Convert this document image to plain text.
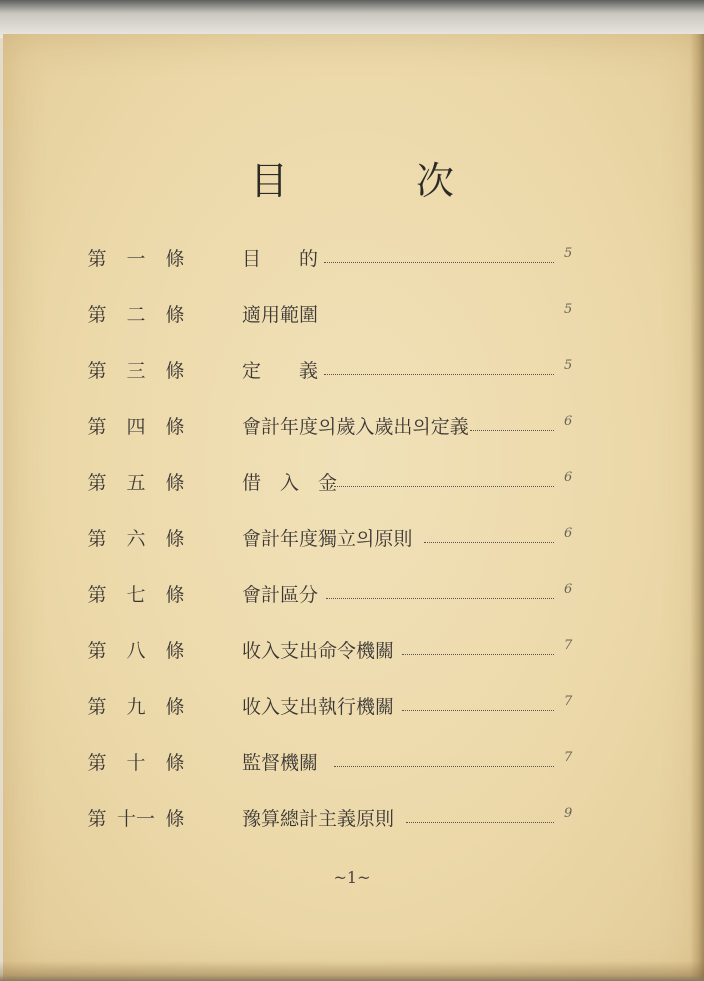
目 次
第 一 條	目　　的	5
第 二 條	適用範圍	5
第 三 條	定　　義	5
第 四 條	會計年度의歲入歲出의定義	6
第 五 條	借　入　金	6
第 六 條	會計年度獨立의原則	6
第 七 條	會計區分	6
第 八 條	收入支出命令機關	7
第 九 條	收入支出執行機關	7
第 十 條	監督機關	7
第 十一 條	豫算總計主義原則	9
~1~
